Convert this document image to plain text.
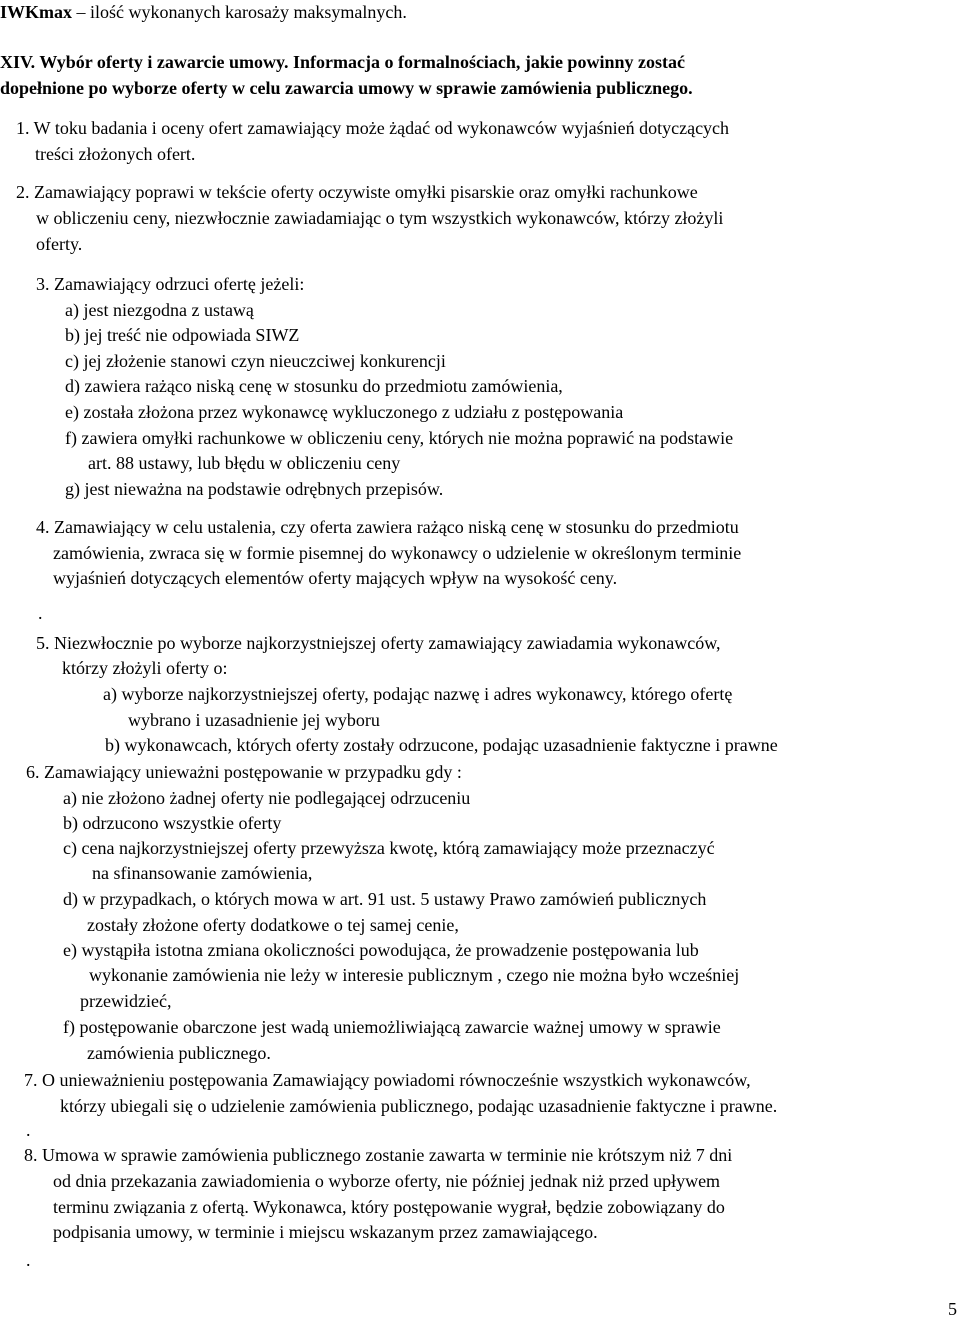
IWKmax – ilość wykonanych karosaży maksymalnych.
XIV. Wybór oferty i zawarcie umowy. Informacja o formalnościach, jakie powinny zostać
dopełnione po wyborze oferty w celu zawarcia umowy w sprawie zamówienia publicznego.
1. W toku badania i oceny ofert zamawiający może żądać od wykonawców wyjaśnień dotyczących
treści złożonych ofert.
2. Zamawiający poprawi w tekście oferty oczywiste omyłki pisarskie oraz omyłki rachunkowe
w obliczeniu ceny, niezwłocznie zawiadamiając o tym wszystkich wykonawców, którzy złożyli
oferty.
3. Zamawiający odrzuci ofertę jeżeli:
a) jest niezgodna z ustawą
b) jej treść nie odpowiada SIWZ
c) jej złożenie stanowi czyn nieuczciwej konkurencji
d) zawiera rażąco niską cenę w stosunku do przedmiotu zamówienia,
e) została złożona przez wykonawcę wykluczonego z udziału z postępowania
f) zawiera omyłki rachunkowe w obliczeniu ceny, których nie można poprawić na podstawie
art. 88 ustawy, lub błędu w obliczeniu ceny
g) jest nieważna na podstawie odrębnych przepisów.
4. Zamawiający w celu ustalenia, czy oferta zawiera rażąco niską cenę w stosunku do przedmiotu
zamówienia, zwraca się w formie pisemnej do wykonawcy o udzielenie w określonym terminie
wyjaśnień dotyczących elementów oferty mających wpływ na wysokość ceny.
.
5. Niezwłocznie po wyborze najkorzystniejszej oferty zamawiający zawiadamia wykonawców,
którzy złożyli oferty o:
a) wyborze najkorzystniejszej oferty, podając nazwę i adres wykonawcy, którego ofertę
wybrano i uzasadnienie jej wyboru
b) wykonawcach, których oferty zostały odrzucone, podając uzasadnienie faktyczne i prawne
6. Zamawiający unieważni postępowanie w przypadku gdy :
a) nie złożono żadnej oferty nie podlegającej odrzuceniu
b) odrzucono wszystkie oferty
c) cena najkorzystniejszej oferty przewyższa kwotę, którą zamawiający może przeznaczyć
na sfinansowanie zamówienia,
d) w przypadkach, o których mowa w art. 91 ust. 5 ustawy Prawo zamówień publicznych
zostały złożone oferty dodatkowe o tej samej cenie,
e) wystąpiła istotna zmiana okoliczności powodująca, że prowadzenie postępowania lub
wykonanie zamówienia nie leży w interesie publicznym , czego nie można było wcześniej
przewidzieć,
f) postępowanie obarczone jest wadą uniemożliwiającą zawarcie ważnej umowy w sprawie
zamówienia publicznego.
7. O unieważnieniu postępowania Zamawiający powiadomi równocześnie wszystkich wykonawców,
którzy ubiegali się o udzielenie zamówienia publicznego, podając uzasadnienie faktyczne i prawne.
.
8. Umowa w sprawie zamówienia publicznego zostanie zawarta w terminie nie krótszym niż 7 dni
od dnia przekazania zawiadomienia o wyborze oferty, nie później jednak niż przed upływem
terminu związania z ofertą. Wykonawca, który postępowanie wygrał, będzie zobowiązany do
podpisania umowy, w terminie i miejscu wskazanym przez zamawiającego.
.
5
